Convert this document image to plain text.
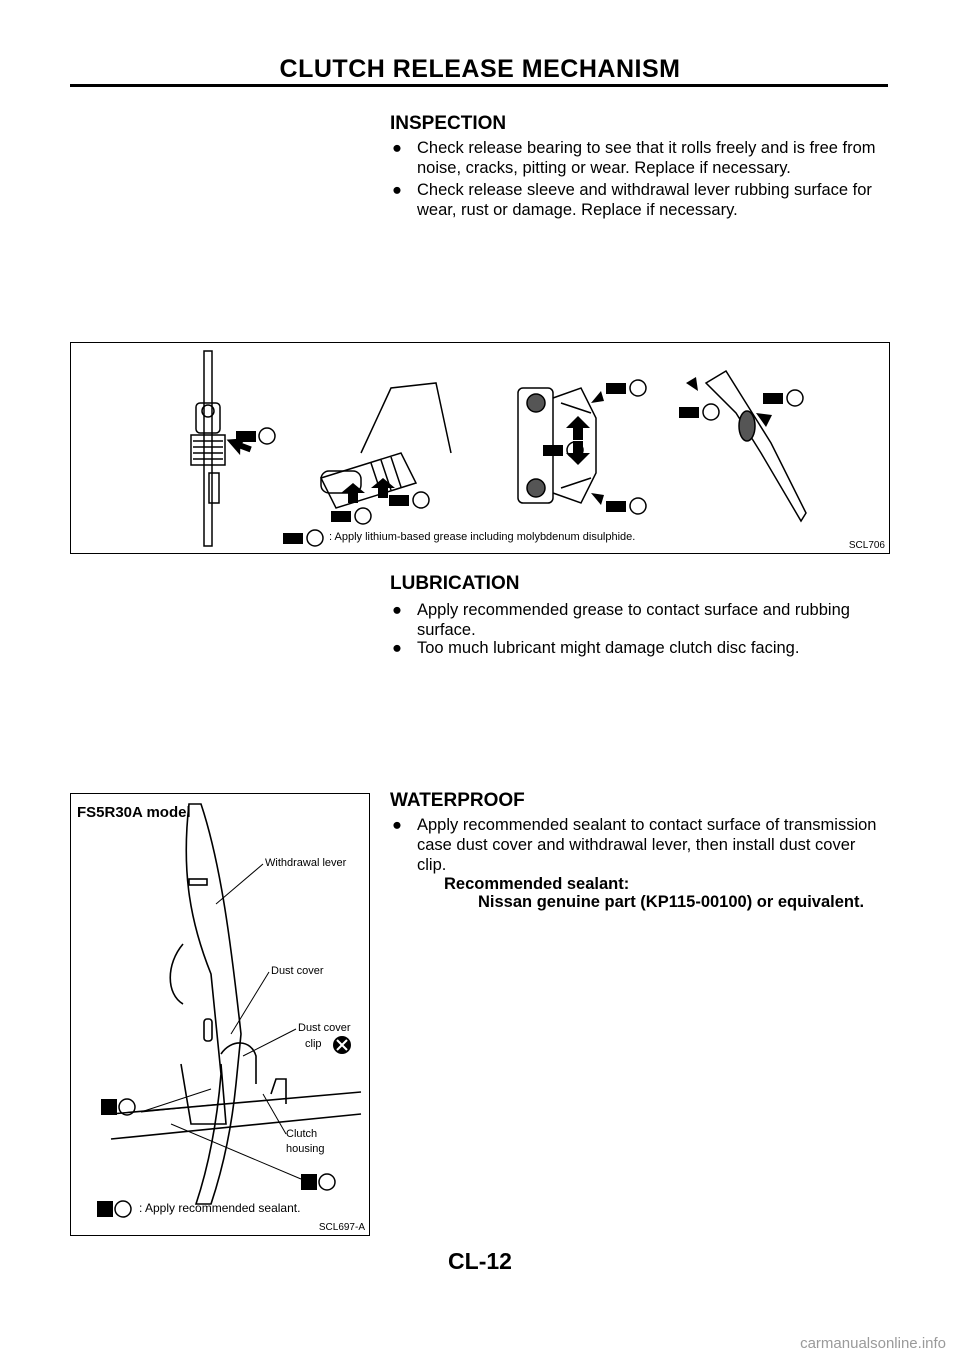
CLUTCH RELEASE MECHANISM
INSPECTION
● Check release bearing to see that it rolls freely and is free from
noise, cracks, pitting or wear. Replace if necessary.
● Check release sleeve and withdrawal lever rubbing surface for
wear, rust or damage. Replace if necessary.
: Apply lithium-based grease including molybdenum disulphide.
SCL706
LUBRICATION
● Apply recommended grease to contact surface and rubbing
surface.
● Too much lubricant might damage clutch disc facing.
FS5R30A model
Withdrawal lever
Dust cover
Dust cover
clip
Clutch
housing
: Apply recommended sealant.
SCL697-A
WATERPROOF
● Apply recommended sealant to contact surface of transmission
case dust cover and withdrawal lever, then install dust cover
clip.
Recommended sealant:
Nissan genuine part (KP115-00100) or equivalent.
CL-12
carmanualsonline.info
